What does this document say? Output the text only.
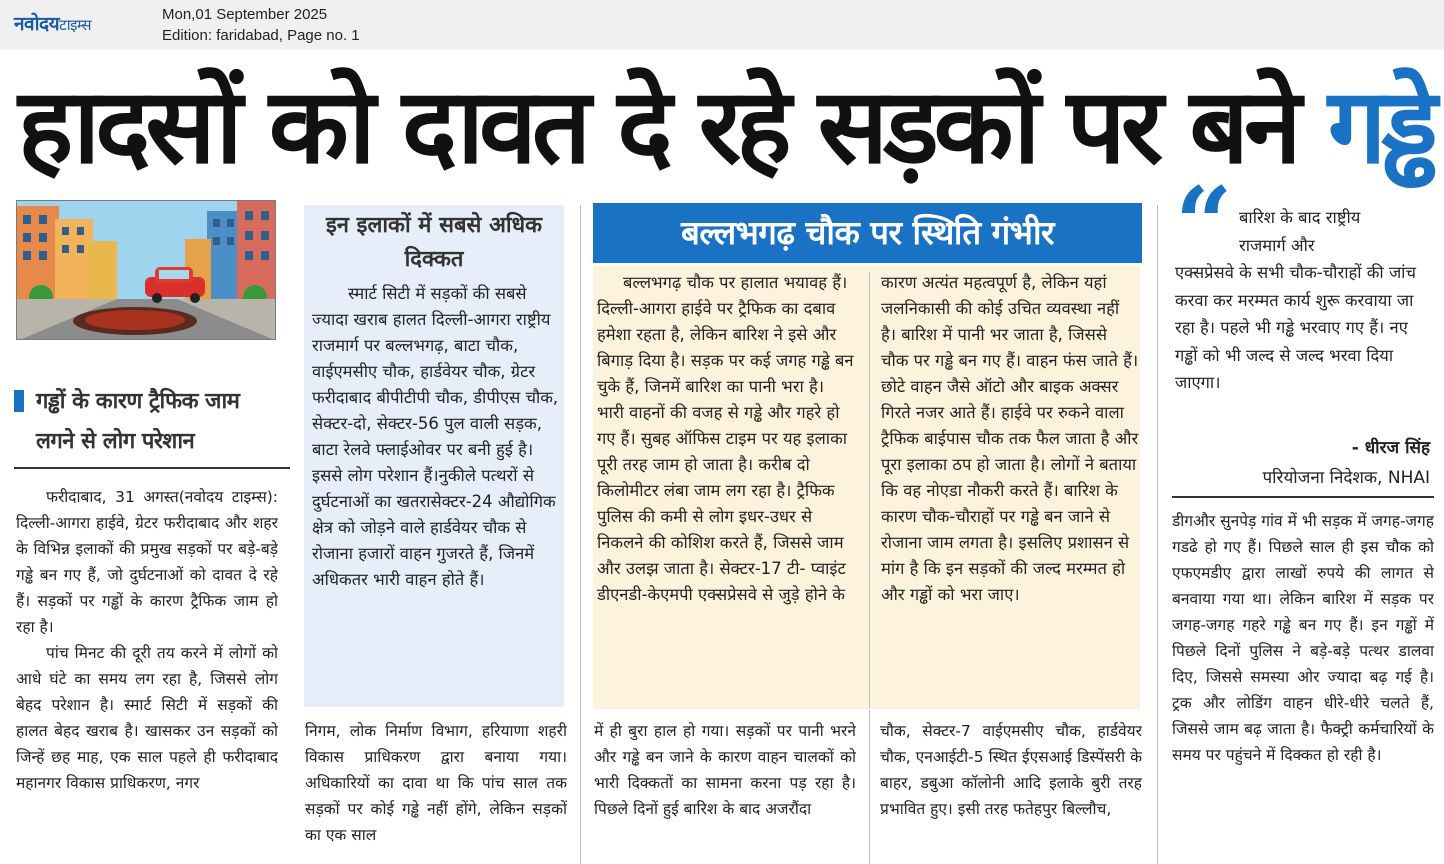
नवोदयटाइम्स
Mon,01 September 2025
Edition: faridabad, Page no. 1
हादसों को दावत दे रहे सड़कों पर बने गड्ढे
गड्ढों के कारण ट्रैफिक जाम
लगने से लोग परेशान

फरीदाबाद, 31 अगस्त(नवोदय टाइम्स): दिल्ली-आगरा हाईवे, ग्रेटर फरीदाबाद और शहर के विभिन्न इलाकों की प्रमुख सड़कों पर बड़े-बड़े गड्ढे बन गए हैं, जो दुर्घटनाओं को दावत दे रहे हैं। सड़कों पर गड्ढों के कारण ट्रैफिक जाम हो रहा है।

पांच मिनट की दूरी तय करने में लोगों को आधे घंटे का समय लग रहा है, जिससे लोग बेहद परेशान है। स्मार्ट सिटी में सड़कों की हालत बेहद खराब है। खासकर उन सड़कों को जिन्हें छह माह, एक साल पहले ही फरीदाबाद महानगर विकास प्राधिकरण, नगर

इन इलाकों में सबसे अधिक दिक्कत

स्मार्ट सिटी में सड़कों की सबसे ज्यादा खराब हालत दिल्ली-आगरा राष्ट्रीय राजमार्ग पर बल्लभगढ़, बाटा चौक, वाईएमसीए चौक, हार्डवेयर चौक, ग्रेटर फरीदाबाद बीपीटीपी चौक, डीपीएस चौक, सेक्टर-दो, सेक्टर-56 पुल वाली सड़क, बाटा रेलवे फ्लाईओवर पर बनी हुई है। इससे लोग परेशान हैं।नुकीले पत्थरों से दुर्घटनाओं का खतरासेक्टर-24 औद्योगिक क्षेत्र को जोड़ने वाले हार्डवेयर चौक से रोजाना हजारों वाहन गुजरते हैं, जिनमें अधिकतर भारी वाहन होते हैं।

निगम, लोक निर्माण विभाग, हरियाणा शहरी विकास प्राधिकरण द्वारा बनाया गया। अधिकारियों का दावा था कि पांच साल तक सड़कों पर कोई गड्ढे नहीं होंगे, लेकिन सड़कों का एक साल

बल्लभगढ़ चौक पर स्थिति गंभीर

बल्लभगढ़ चौक पर हालात भयावह हैं। दिल्ली-आगरा हाईवे पर ट्रैफिक का दबाव हमेशा रहता है, लेकिन बारिश ने इसे और बिगाड़ दिया है। सड़क पर कई जगह गड्ढे बन चुके हैं, जिनमें बारिश का पानी भरा है। भारी वाहनों की वजह से गड्ढे और गहरे हो गए हैं। सुबह ऑफिस टाइम पर यह इलाका पूरी तरह जाम हो जाता है। करीब दो किलोमीटर लंबा जाम लग रहा है। ट्रैफिक पुलिस की कमी से लोग इधर-उधर से निकलने की कोशिश करते हैं, जिससे जाम और उलझ जाता है। सेक्टर-17 टी- प्वाइंट डीएनडी-केएमपी एक्सप्रेसवे से जुड़े होने के

कारण अत्यंत महत्वपूर्ण है, लेकिन यहां जलनिकासी की कोई उचित व्यवस्था नहीं है। बारिश में पानी भर जाता है, जिससे चौक पर गड्ढे बन गए हैं। वाहन फंस जाते हैं। छोटे वाहन जैसे ऑटो और बाइक अक्सर गिरते नजर आते हैं। हाईवे पर रुकने वाला ट्रैफिक बाईपास चौक तक फैल जाता है और पूरा इलाका ठप हो जाता है। लोगों ने बताया कि वह नोएडा नौकरी करते हैं। बारिश के कारण चौक-चौराहों पर गड्ढे बन जाने से रोजाना जाम लगता है। इसलिए प्रशासन से मांग है कि इन सड़कों की जल्द मरम्मत हो और गड्ढों को भरा जाए।

में ही बुरा हाल हो गया। सड़कों पर पानी भरने और गड्ढे बन जाने के कारण वाहन चालकों को भारी दिक्कतों का सामना करना पड़ रहा है। पिछले दिनों हुई बारिश के बाद अजरौंदा

चौक, सेक्टर-7 वाईएमसीए चौक, हार्डवेयर चौक, एनआईटी-5 स्थित ईएसआई डिस्पेंसरी के बाहर, डबुआ कॉलोनी आदि इलाके बुरी तरह प्रभावित हुए। इसी तरह फतेहपुर बिल्लौच,

“ बारिश के बाद राष्ट्रीय
राजमार्ग और
एक्सप्रेसवे के सभी चौक-चौराहों की जांच करवा कर मरम्मत कार्य शुरू करवाया जा रहा है। पहले भी गड्ढे भरवाए गए हैं। नए गड्ढों को भी जल्द से जल्द भरवा दिया जाएगा।
- धीरज सिंह
परियोजना निदेशक, NHAI

डीगऔर सुनपेड़ गांव में भी सड़क में जगह-जगह गडढे हो गए हैं। पिछले साल ही इस चौक को एफएमडीए द्वारा लाखों रुपये की लागत से बनवाया गया था। लेकिन बारिश में सड़क पर जगह-जगह गहरे गड्ढे बन गए हैं। इन गड्ढों में पिछले दिनों पुलिस ने बड़े-बड़े पत्थर डालवा दिए, जिससे समस्या ओर ज्यादा बढ़ गई है। ट्रक और लोडिंग वाहन धीरे-धीरे चलते हैं, जिससे जाम बढ़ जाता है। फैक्ट्री कर्मचारियों के समय पर पहुंचने में दिक्कत हो रही है।
